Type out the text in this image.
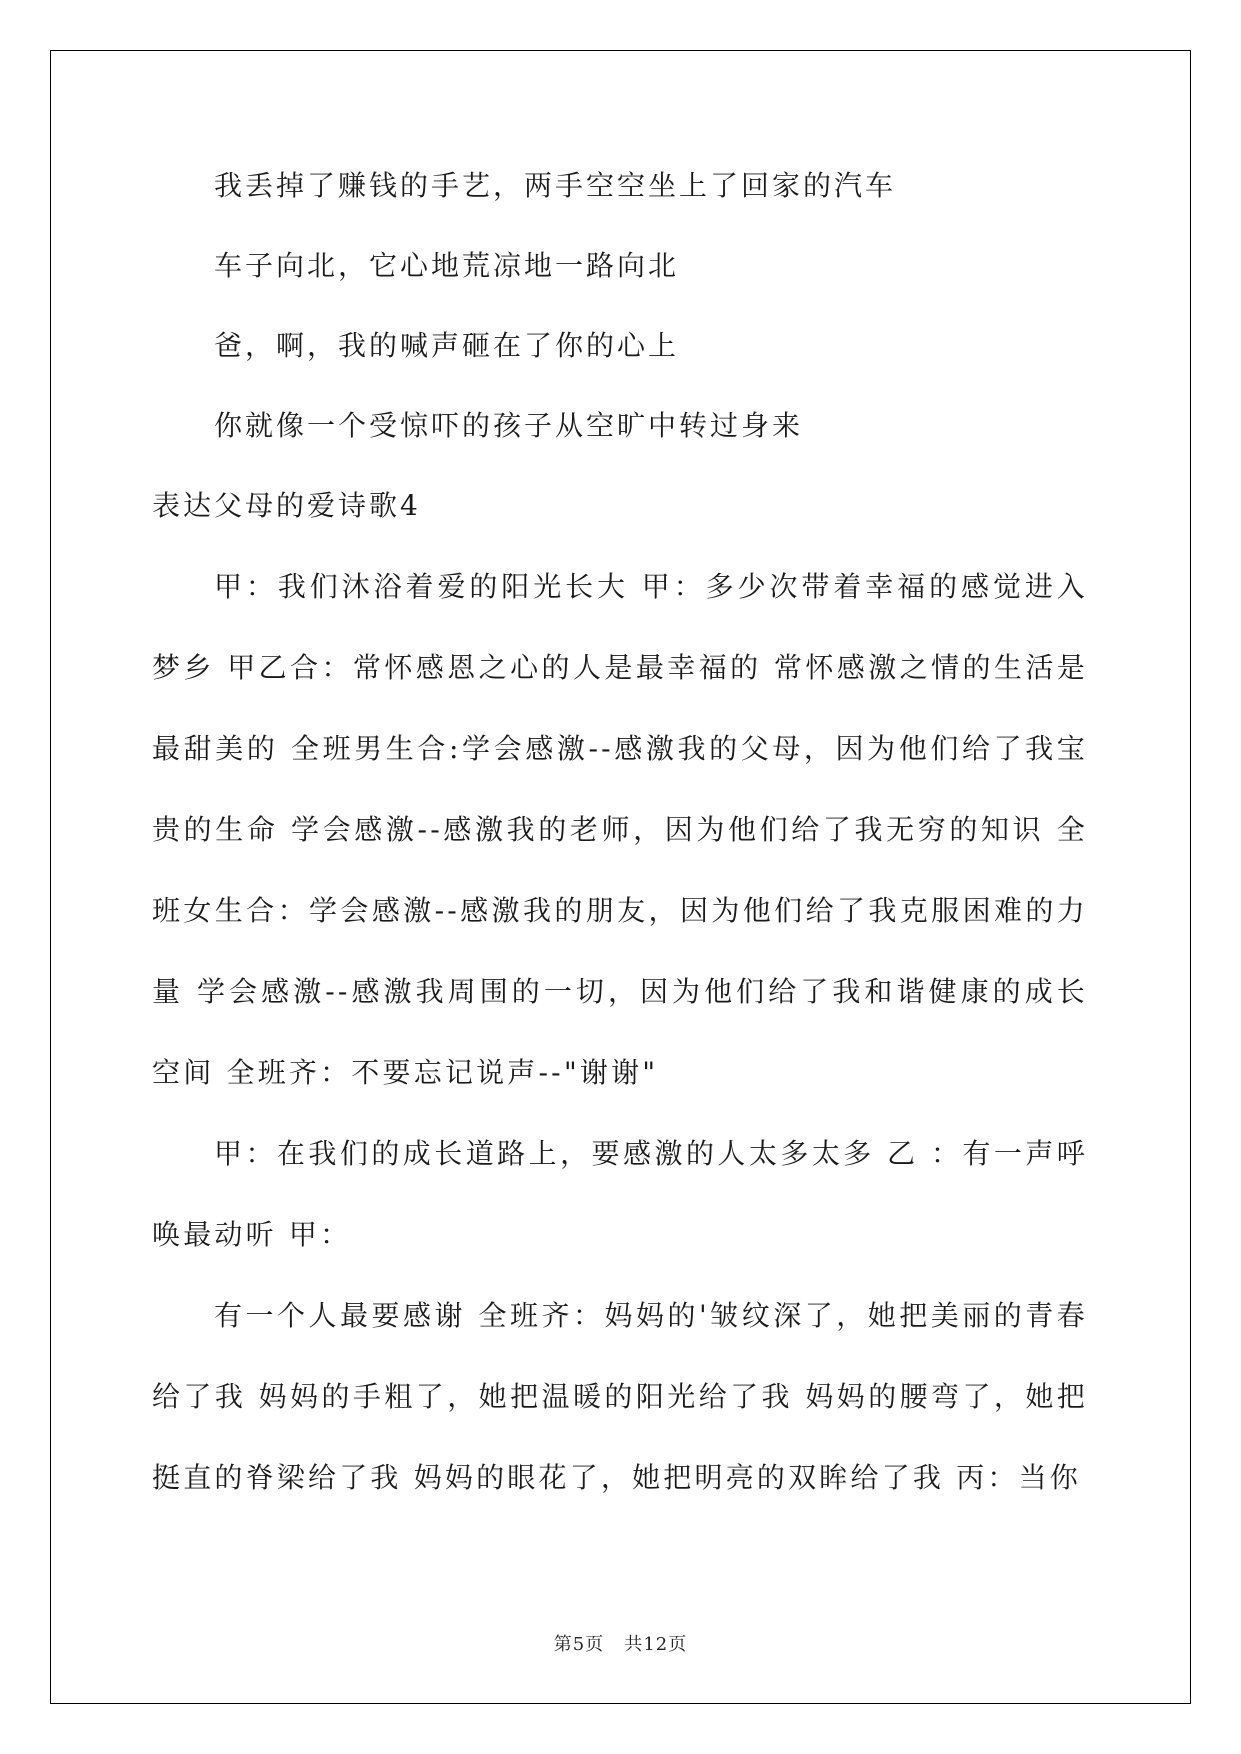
我丢掉了赚钱的手艺，两手空空坐上了回家的汽车

车子向北，它心地荒凉地一路向北

爸，啊，我的喊声砸在了你的心上

你就像一个受惊吓的孩子从空旷中转过身来

表达父母的爱诗歌4

甲：我们沐浴着爱的阳光长大 甲：多少次带着幸福的感觉进入梦乡 甲乙合：常怀感恩之心的人是最幸福的 常怀感激之情的生活是最甜美的 全班男生合:学会感激--感激我的父母，因为他们给了我宝贵的生命 学会感激--感激我的老师，因为他们给了我无穷的知识 全班女生合：学会感激--感激我的朋友，因为他们给了我克服困难的力量 学会感激--感激我周围的一切，因为他们给了我和谐健康的成长空间 全班齐：不要忘记说声--"谢谢"

甲：在我们的成长道路上，要感激的人太多太多 乙 ：有一声呼唤最动听 甲：

有一个人最要感谢 全班齐：妈妈的'皱纹深了，她把美丽的青春给了我 妈妈的手粗了，她把温暖的阳光给了我 妈妈的腰弯了，她把挺直的脊梁给了我 妈妈的眼花了，她把明亮的双眸给了我 丙：当你

第5页 共12页
